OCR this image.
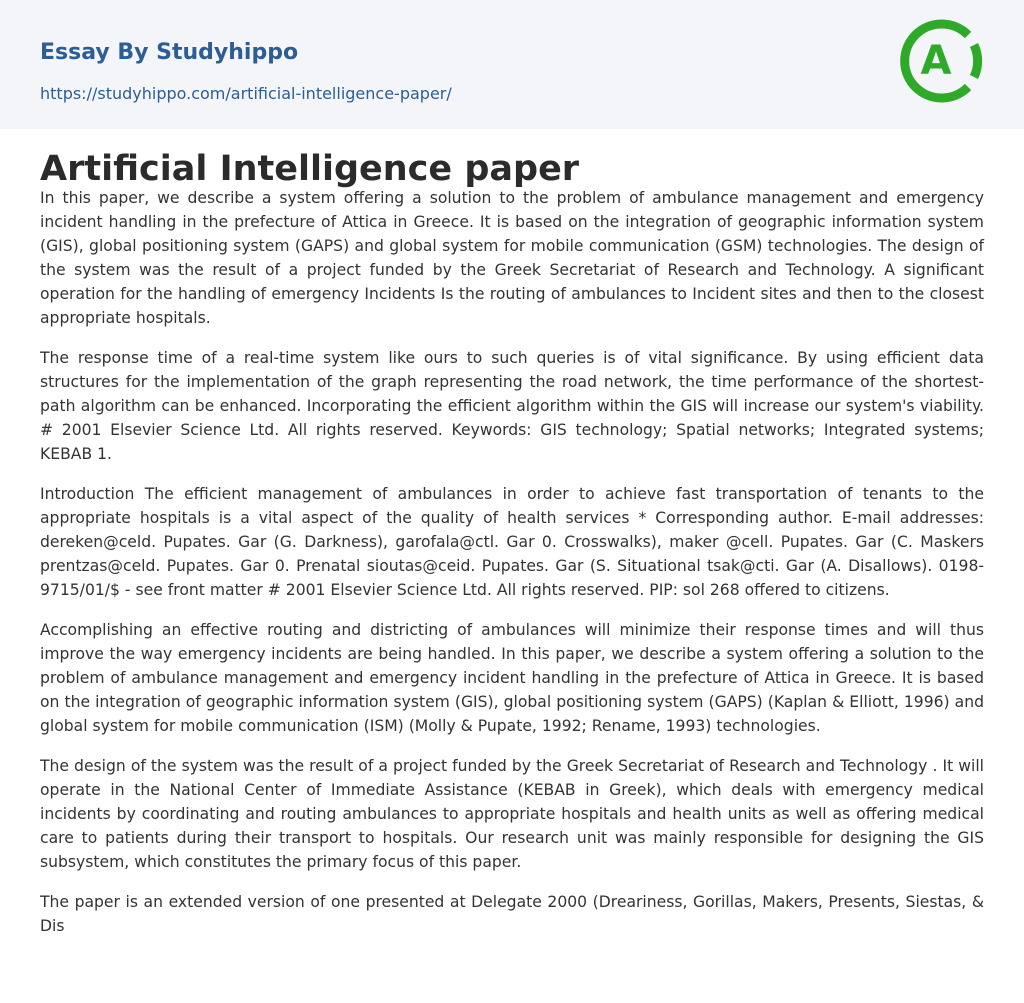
Essay By Studyhippo
https://studyhippo.com/artificial-intelligence-paper/
A
Artificial Intelligence paper

In this paper, we describe a system offering a solution to the problem of ambulance management and emergency incident handling in the prefecture of Attica in Greece. It is based on the integration of geographic information system (GIS), global positioning system (GAPS) and global system for mobile communication (GSM) technologies. The design of the system was the result of a project funded by the Greek Secretariat of Research and Technology. A significant operation for the handling of emergency Incidents Is the routing of ambulances to Incident sites and then to the closest appropriate hospitals.

The response time of a real-time system like ours to such queries is of vital significance. By using efficient data structures for the implementation of the graph representing the road network, the time performance of the shortest-path algorithm can be enhanced. Incorporating the efficient algorithm within the GIS will increase our system's viability. # 2001 Elsevier Science Ltd. All rights reserved. Keywords: GIS technology; Spatial networks; Integrated systems; KEBAB 1.

Introduction The efficient management of ambulances in order to achieve fast transportation of tenants to the appropriate hospitals is a vital aspect of the quality of health services * Corresponding author. E-mail addresses: dereken@celd. Pupates. Gar (G. Darkness), garofala@ctl. Gar 0. Crosswalks), maker @cell. Pupates. Gar (C. Maskers prentzas@celd. Pupates. Gar 0. Prenatal sioutas@ceid. Pupates. Gar (S. Situational tsak@cti. Gar (A. Disallows). 0198-9715/01/$ - see front matter # 2001 Elsevier Science Ltd. All rights reserved. PIP: sol 268 offered to citizens.

Accomplishing an effective routing and districting of ambulances will minimize their response times and will thus improve the way emergency incidents are being handled. In this paper, we describe a system offering a solution to the problem of ambulance management and emergency incident handling in the prefecture of Attica in Greece. It is based on the integration of geographic information system (GIS), global positioning system (GAPS) (Kaplan & Elliott, 1996) and global system for mobile communication (ISM) (Molly & Pupate, 1992; Rename, 1993) technologies.

The design of the system was the result of a project funded by the Greek Secretariat of Research and Technology . It will operate in the National Center of Immediate Assistance (KEBAB in Greek), which deals with emergency medical incidents by coordinating and routing ambulances to appropriate hospitals and health units as well as offering medical care to patients during their transport to hospitals. Our research unit was mainly responsible for designing the GIS subsystem, which constitutes the primary focus of this paper.

The paper is an extended version of one presented at Delegate 2000 (Dreariness, Gorillas, Makers, Presents, Siestas, & Dis
